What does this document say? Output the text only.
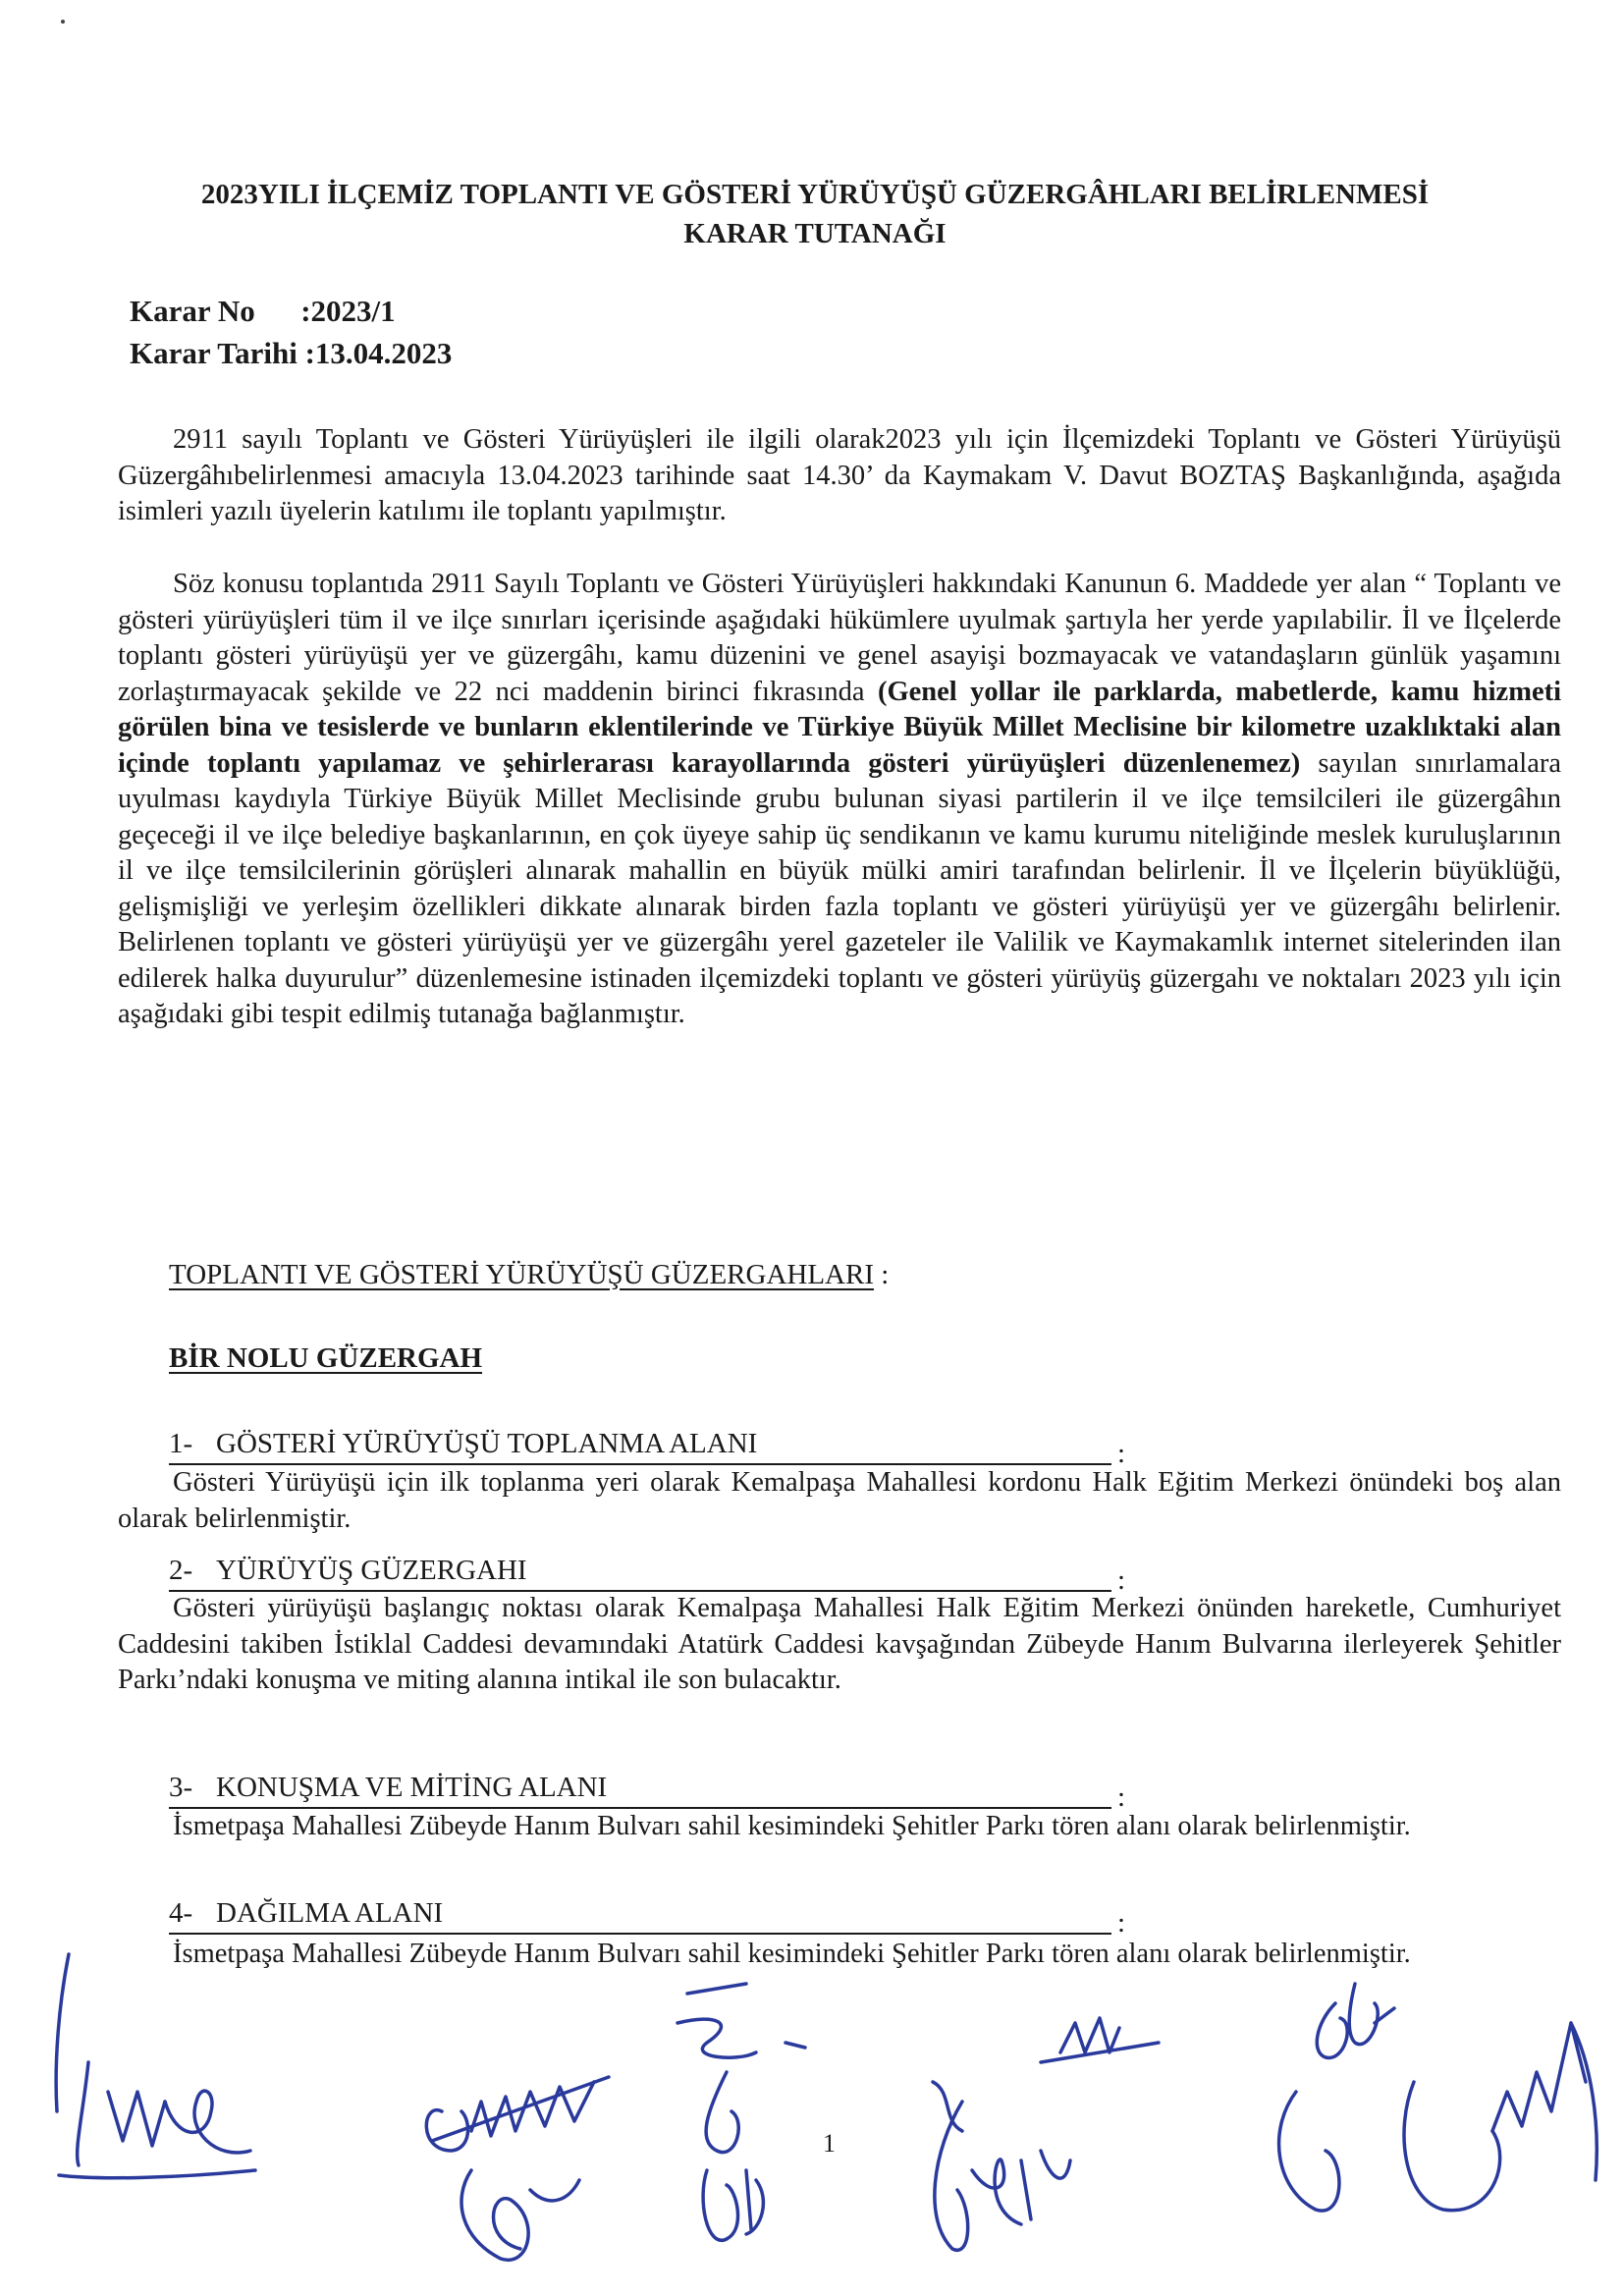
2023YILI İLÇEMİZ TOPLANTI VE GÖSTERİ YÜRÜYÜŞÜ GÜZERGÂHLARI BELİRLENMESİ
KARAR TUTANAĞI
Karar No      :2023/1
Karar Tarihi :13.04.2023
2911 sayılı Toplantı ve Gösteri Yürüyüşleri ile ilgili olarak2023 yılı için İlçemizdeki Toplantı ve Gösteri Yürüyüşü Güzergâhıbelirlenmesi amacıyla 13.04.2023 tarihinde saat 14.30’ da Kaymakam V. Davut BOZTAŞ Başkanlığında, aşağıda isimleri yazılı üyelerin katılımı ile toplantı yapılmıştır.
Söz konusu toplantıda 2911 Sayılı Toplantı ve Gösteri Yürüyüşleri hakkındaki Kanunun 6. Maddede yer alan “ Toplantı ve gösteri yürüyüşleri tüm il ve ilçe sınırları içerisinde aşağıdaki hükümlere uyulmak şartıyla her yerde yapılabilir. İl ve İlçelerde toplantı gösteri yürüyüşü yer ve güzergâhı, kamu düzenini ve genel asayişi bozmayacak ve vatandaşların günlük yaşamını zorlaştırmayacak şekilde ve 22 nci maddenin birinci fıkrasında (Genel yollar ile parklarda, mabetlerde, kamu hizmeti görülen bina ve tesislerde ve bunların eklentilerinde ve Türkiye Büyük Millet Meclisine bir kilometre uzaklıktaki alan içinde toplantı yapılamaz ve şehirlerarası karayollarında gösteri yürüyüşleri düzenlenemez) sayılan sınırlamalara uyulması kaydıyla Türkiye Büyük Millet Meclisinde grubu bulunan siyasi partilerin il ve ilçe temsilcileri ile güzergâhın geçeceği il ve ilçe belediye başkanlarının, en çok üyeye sahip üç sendikanın ve kamu kurumu niteliğinde meslek kuruluşlarının il ve ilçe temsilcilerinin görüşleri alınarak mahallin en büyük mülki amiri tarafından belirlenir. İl ve İlçelerin büyüklüğü, gelişmişliği ve yerleşim özellikleri dikkate alınarak birden fazla toplantı ve gösteri yürüyüşü yer ve güzergâhı belirlenir. Belirlenen toplantı ve gösteri yürüyüşü yer ve güzergâhı yerel gazeteler ile Valilik ve Kaymakamlık internet sitelerinden ilan edilerek halka duyurulur” düzenlemesine istinaden ilçemizdeki toplantı ve gösteri yürüyüş güzergahı ve noktaları 2023 yılı için aşağıdaki gibi tespit edilmiş tutanağa bağlanmıştır.
TOPLANTI VE GÖSTERİ YÜRÜYÜŞÜ GÜZERGAHLARI :
BİR NOLU GÜZERGAH
1- GÖSTERİ YÜRÜYÜŞÜ TOPLANMA ALANI	:
Gösteri Yürüyüşü için ilk toplanma yeri olarak Kemalpaşa Mahallesi kordonu Halk Eğitim Merkezi önündeki boş alan olarak belirlenmiştir.
2- YÜRÜYÜŞ GÜZERGAHI	:
Gösteri yürüyüşü başlangıç noktası olarak Kemalpaşa Mahallesi Halk Eğitim Merkezi önünden hareketle, Cumhuriyet Caddesini takiben İstiklal Caddesi devamındaki Atatürk Caddesi kavşağından Zübeyde Hanım Bulvarına ilerleyerek Şehitler Parkı’ndaki konuşma ve miting alanına intikal ile son bulacaktır.
3- KONUŞMA VE MİTİNG ALANI	:
İsmetpaşa Mahallesi Zübeyde Hanım Bulvarı sahil kesimindeki Şehitler Parkı tören alanı olarak belirlenmiştir.
4- DAĞILMA ALANI	:
İsmetpaşa Mahallesi Zübeyde Hanım Bulvarı sahil kesimindeki Şehitler Parkı tören alanı olarak belirlenmiştir.
1
